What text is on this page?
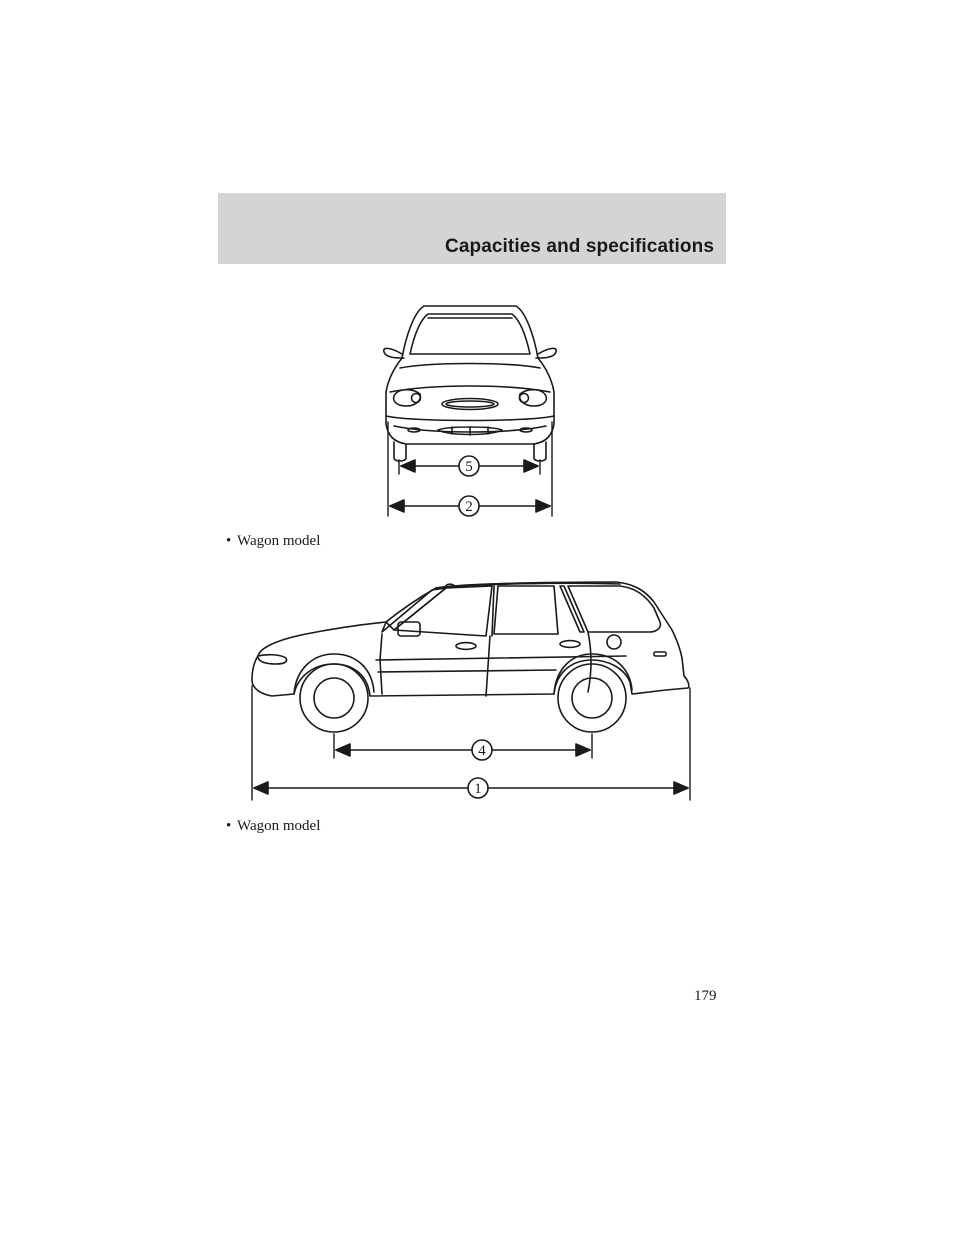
Capacities and specifications
5
2
• Wagon model
4
1
• Wagon model
179
